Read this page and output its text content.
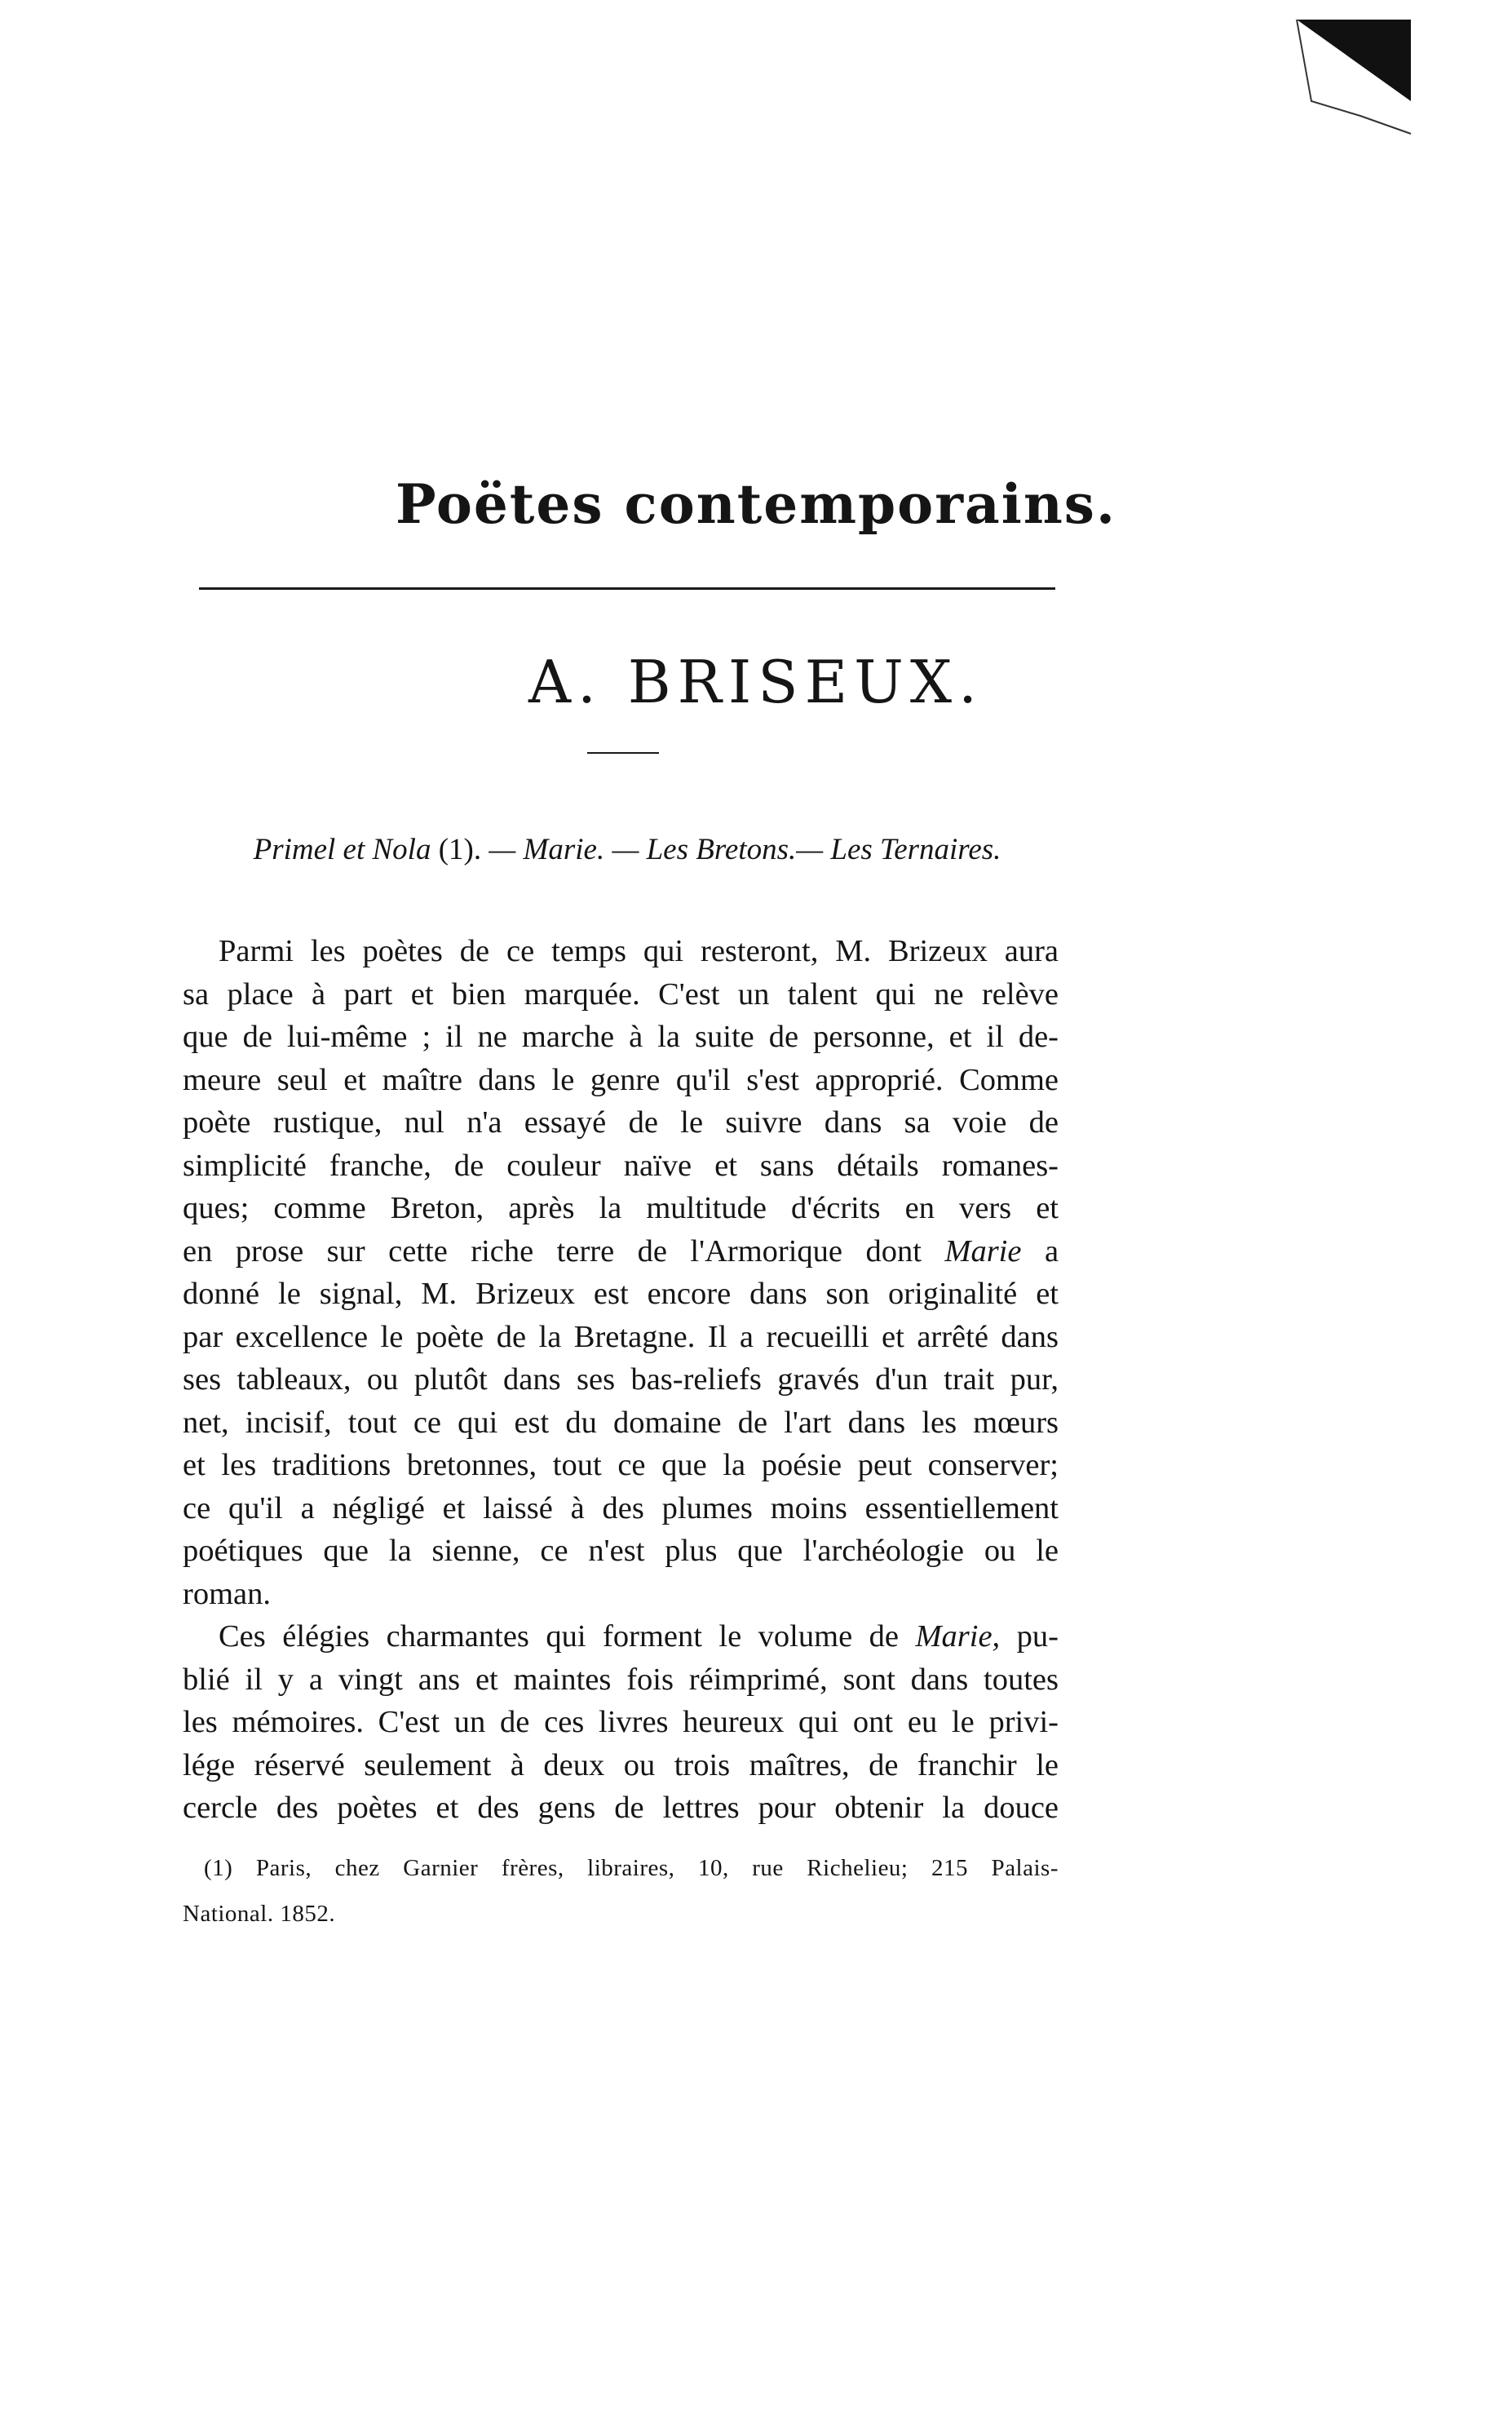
Poëtes contemporains.
A. BRISEUX.
Primel et Nola (1). — Marie. — Les Bretons.— Les Ternaires.
Parmi les poètes de ce temps qui resteront, M. Brizeux aura
sa place à part et bien marquée. C'est un talent qui ne relève
que de lui-même ; il ne marche à la suite de personne, et il de-
meure seul et maître dans le genre qu'il s'est approprié. Comme
poète rustique, nul n'a essayé de le suivre dans sa voie de
simplicité franche, de couleur naïve et sans détails romanes-
ques; comme Breton, après la multitude d'écrits en vers et
en prose sur cette riche terre de l'Armorique dont Marie a
donné le signal, M. Brizeux est encore dans son originalité et
par excellence le poète de la Bretagne. Il a recueilli et arrêté dans
ses tableaux, ou plutôt dans ses bas-reliefs gravés d'un trait pur,
net, incisif, tout ce qui est du domaine de l'art dans les mœurs
et les traditions bretonnes, tout ce que la poésie peut conserver;
ce qu'il a négligé et laissé à des plumes moins essentiellement
poétiques que la sienne, ce n'est plus que l'archéologie ou le
roman.
Ces élégies charmantes qui forment le volume de Marie, pu-
blié il y a vingt ans et maintes fois réimprimé, sont dans toutes
les mémoires. C'est un de ces livres heureux qui ont eu le privi-
lége réservé seulement à deux ou trois maîtres, de franchir le
cercle des poètes et des gens de lettres pour obtenir la douce
(1) Paris, chez Garnier frères, libraires, 10, rue Richelieu; 215 Palais-
National. 1852.
